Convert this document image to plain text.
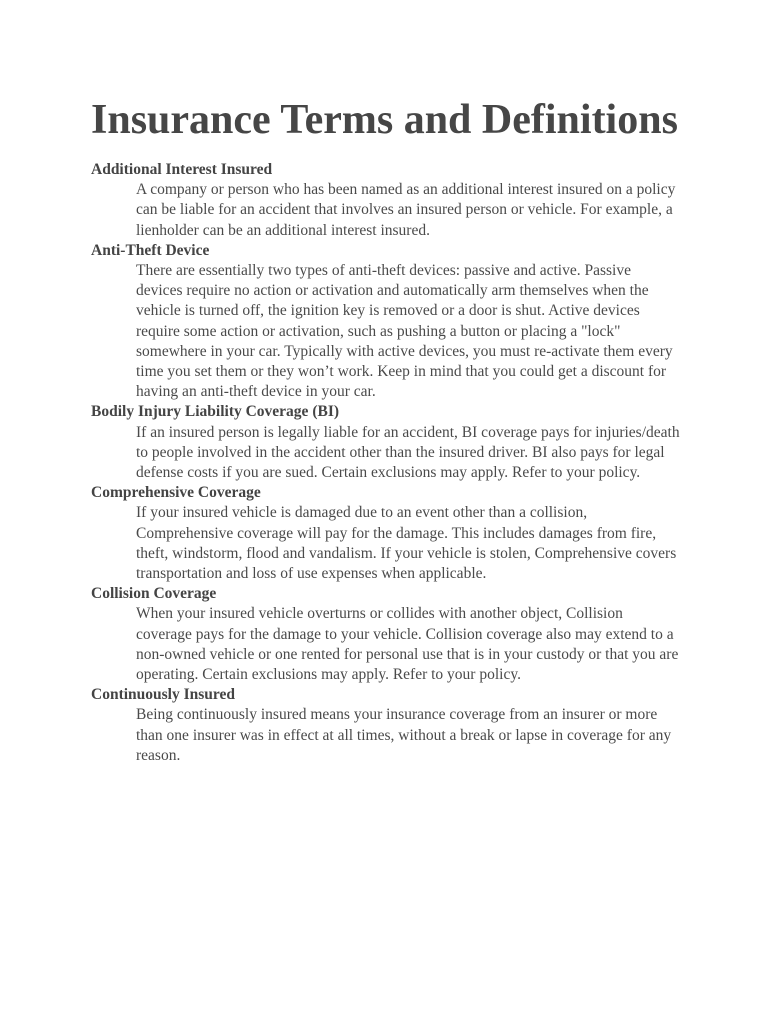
Insurance Terms and Definitions
Additional Interest Insured
A company or person who has been named as an additional interest insured on a policy can be liable for an accident that involves an insured person or vehicle. For example, a lienholder can be an additional interest insured.
Anti-Theft Device
There are essentially two types of anti-theft devices: passive and active. Passive devices require no action or activation and automatically arm themselves when the vehicle is turned off, the ignition key is removed or a door is shut. Active devices require some action or activation, such as pushing a button or placing a "lock" somewhere in your car. Typically with active devices, you must re-activate them every time you set them or they won’t work. Keep in mind that you could get a discount for having an anti-theft device in your car.
Bodily Injury Liability Coverage (BI)
If an insured person is legally liable for an accident, BI coverage pays for injuries/death to people involved in the accident other than the insured driver. BI also pays for legal defense costs if you are sued. Certain exclusions may apply. Refer to your policy.
Comprehensive Coverage
If your insured vehicle is damaged due to an event other than a collision, Comprehensive coverage will pay for the damage. This includes damages from fire, theft, windstorm, flood and vandalism. If your vehicle is stolen, Comprehensive covers transportation and loss of use expenses when applicable.
Collision Coverage
When your insured vehicle overturns or collides with another object, Collision coverage pays for the damage to your vehicle. Collision coverage also may extend to a non-owned vehicle or one rented for personal use that is in your custody or that you are operating. Certain exclusions may apply. Refer to your policy.
Continuously Insured
Being continuously insured means your insurance coverage from an insurer or more than one insurer was in effect at all times, without a break or lapse in coverage for any reason.
